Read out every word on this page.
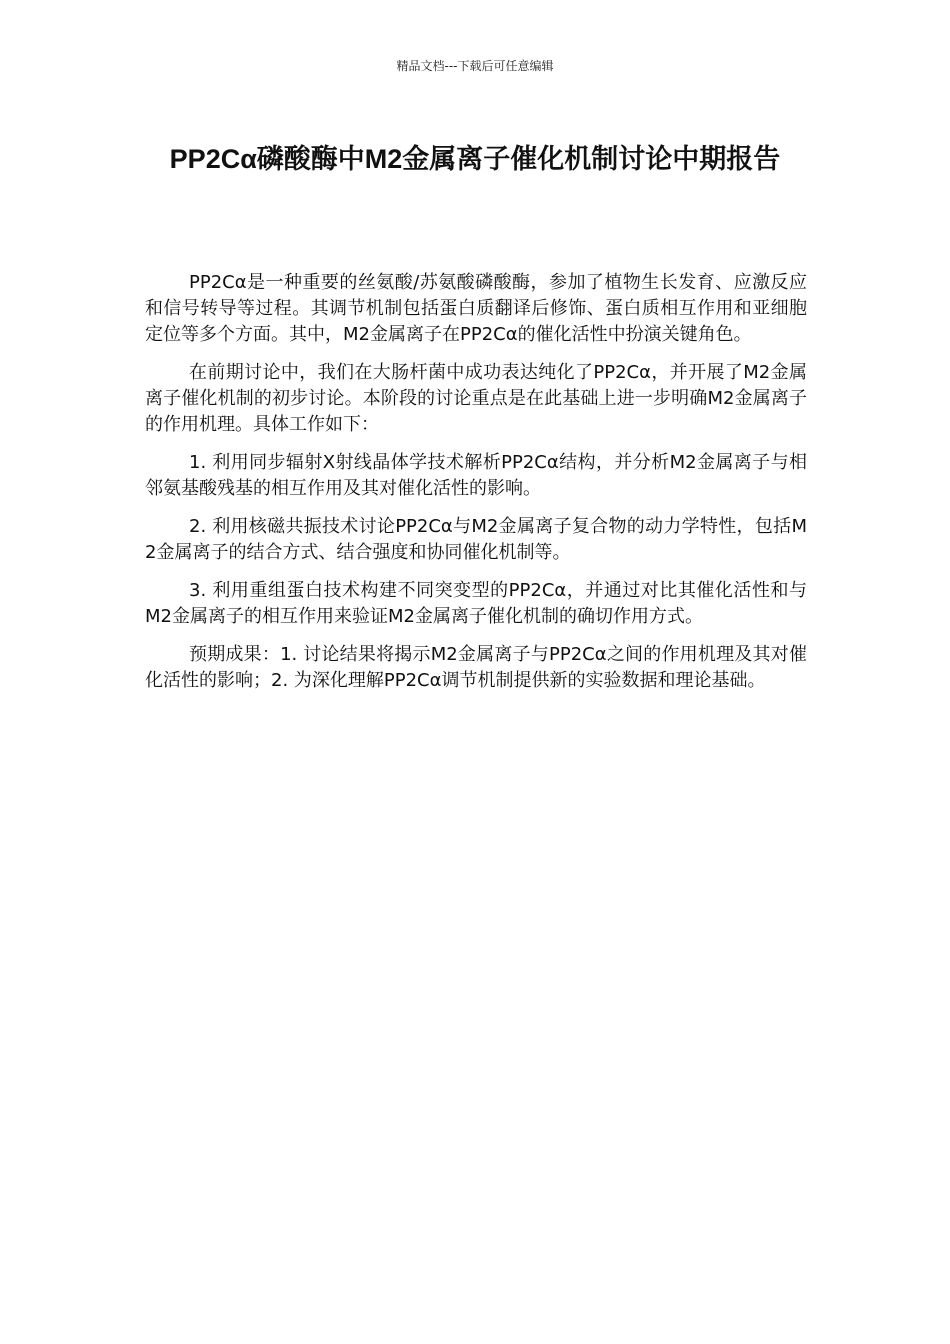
精品文档---下载后可任意编辑
PP2Cα磷酸酶中M2金属离子催化机制讨论中期报告

PP2Cα是一种重要的丝氨酸/苏氨酸磷酸酶，参加了植物生长发育、应激反应和信号转导等过程。其调节机制包括蛋白质翻译后修饰、蛋白质相互作用和亚细胞定位等多个方面。其中，M2金属离子在PP2Cα的催化活性中扮演关键角色。

在前期讨论中，我们在大肠杆菌中成功表达纯化了PP2Cα，并开展了M2金属离子催化机制的初步讨论。本阶段的讨论重点是在此基础上进一步明确M2金属离子的作用机理。具体工作如下：

1. 利用同步辐射X射线晶体学技术解析PP2Cα结构，并分析M2金属离子与相邻氨基酸残基的相互作用及其对催化活性的影响。

2. 利用核磁共振技术讨论PP2Cα与M2金属离子复合物的动力学特性，包括M2金属离子的结合方式、结合强度和协同催化机制等。

3. 利用重组蛋白技术构建不同突变型的PP2Cα，并通过对比其催化活性和与M2金属离子的相互作用来验证M2金属离子催化机制的确切作用方式。

预期成果：1. 讨论结果将揭示M2金属离子与PP2Cα之间的作用机理及其对催化活性的影响；2. 为深化理解PP2Cα调节机制提供新的实验数据和理论基础。
